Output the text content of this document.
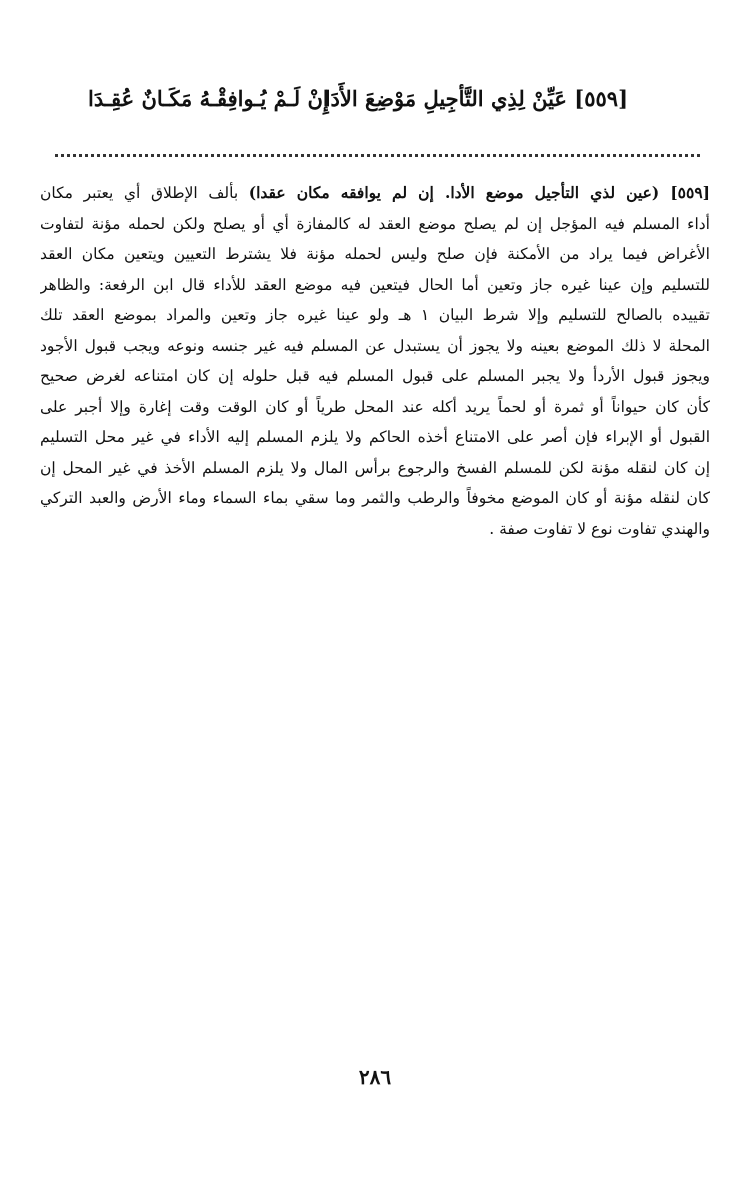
[٥٥٩] عَيِّنْ لِذِي التَّأجِيلِ مَوْضِعَ الأَدَا
إِنْ لَـمْ يُـوافِقْـهُ مَكَـانٌ عُقِـدَا
[٥٥٩] (عين لذي التأجيل موضع الأدا. إن لم يوافقه مكان عقدا) بألف الإطلاق أي يعتبر مكان
أداء المسلم فيه المؤجل إن لم يصلح موضع العقد له كالمفازة أي أو يصلح ولكن لحمله مؤنة لتفاوت
الأغراض فيما يراد من الأمكنة فإن صلح وليس لحمله مؤنة فلا يشترط التعيين ويتعين مكان العقد
للتسليم وإن عينا غيره جاز وتعين أما الحال فيتعين فيه موضع العقد للأداء قال ابن الرفعة: والظاهر
تقييده بالصالح للتسليم وإلا شرط البيان ١ هـ ولو عينا غيره جاز وتعين والمراد بموضع العقد تلك
المحلة لا ذلك الموضع بعينه ولا يجوز أن يستبدل عن المسلم فيه غير جنسه ونوعه ويجب قبول الأجود
ويجوز قبول الأردأ ولا يجبر المسلم على قبول المسلم فيه قبل حلوله إن كان امتناعه لغرض صحيح
كأن كان حيواناً أو ثمرة أو لحماً يريد أكله عند المحل طرياً أو كان الوقت وقت إغارة وإلا أجبر على
القبول أو الإبراء فإن أصر على الامتناع أخذه الحاكم ولا يلزم المسلم إليه الأداء في غير محل التسليم
إن كان لنقله مؤنة لكن للمسلم الفسخ والرجوع برأس المال ولا يلزم المسلم الأخذ في غير المحل إن
كان لنقله مؤنة أو كان الموضع مخوفاً والرطب والثمر وما سقي بماء السماء وماء الأرض والعبد التركي
والهندي تفاوت نوع لا تفاوت صفة .
٢٨٦
